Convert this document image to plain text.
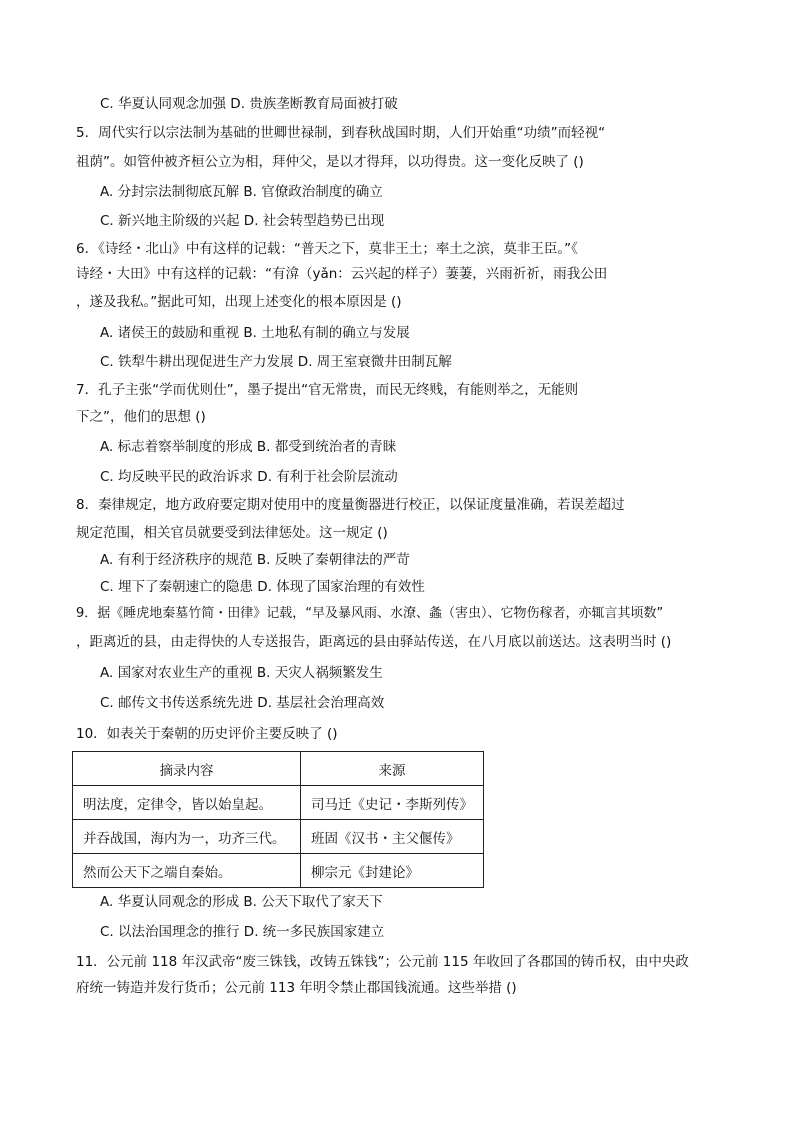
C. 华夏认同观念加强 D. 贵族垄断教育局面被打破
5．周代实行以宗法制为基础的世卿世禄制，到春秋战国时期，人们开始重“功绩”而轻视“
祖荫”。如管仲被齐桓公立为相，拜仲父，是以才得拜，以功得贵。这一变化反映了 ()
A. 分封宗法制彻底瓦解 B. 官僚政治制度的确立
C. 新兴地主阶级的兴起 D. 社会转型趋势已出现
6．《诗经・北山》中有这样的记载：“普天之下，莫非王土；率土之滨，莫非王臣。”《
诗经・大田》中有这样的记载：“有渰（yǎn：云兴起的样子）萋萋，兴雨祈祈，雨我公田
，遂及我私。”据此可知，出现上述变化的根本原因是 ()
A. 诸侯王的鼓励和重视 B. 土地私有制的确立与发展
C. 铁犁牛耕出现促进生产力发展 D. 周王室衰微井田制瓦解
7．孔子主张“学而优则仕”，墨子提出“官无常贵，而民无终贱，有能则举之，无能则
下之”，他们的思想 ()
A. 标志着察举制度的形成 B. 都受到统治者的青睐
C. 均反映平民的政治诉求 D. 有利于社会阶层流动
8．秦律规定，地方政府要定期对使用中的度量衡器进行校正，以保证度量准确，若误差超过
规定范围，相关官员就要受到法律惩处。这一规定 ()
A. 有利于经济秩序的规范 B. 反映了秦朝律法的严苛
C. 埋下了秦朝速亡的隐患 D. 体现了国家治理的有效性
9．据《睡虎地秦墓竹简・田律》记载，“早及暴风雨、水潦、螽（害虫）、它物伤稼者，亦辄言其顷数”
，距离近的县，由走得快的人专送报告，距离远的县由驿站传送，在八月底以前送达。这表明当时 ()
A. 国家对农业生产的重视 B. 天灾人祸频繁发生
C. 邮传文书传送系统先进 D. 基层社会治理高效
10．如表关于秦朝的历史评价主要反映了 ()
摘录内容	来源
明法度，定律令，皆以始皇起。	司马迁《史记・李斯列传》
并吞战国，海内为一，功齐三代。	班固《汉书・主父偃传》
然而公天下之端自秦始。	柳宗元《封建论》
A. 华夏认同观念的形成 B. 公天下取代了家天下
C. 以法治国理念的推行 D. 统一多民族国家建立
11．公元前 118 年汉武帝“废三铢钱，改铸五铢钱”；公元前 115 年收回了各郡国的铸币权，由中央政
府统一铸造并发行货币；公元前 113 年明令禁止郡国钱流通。这些举措 ()
